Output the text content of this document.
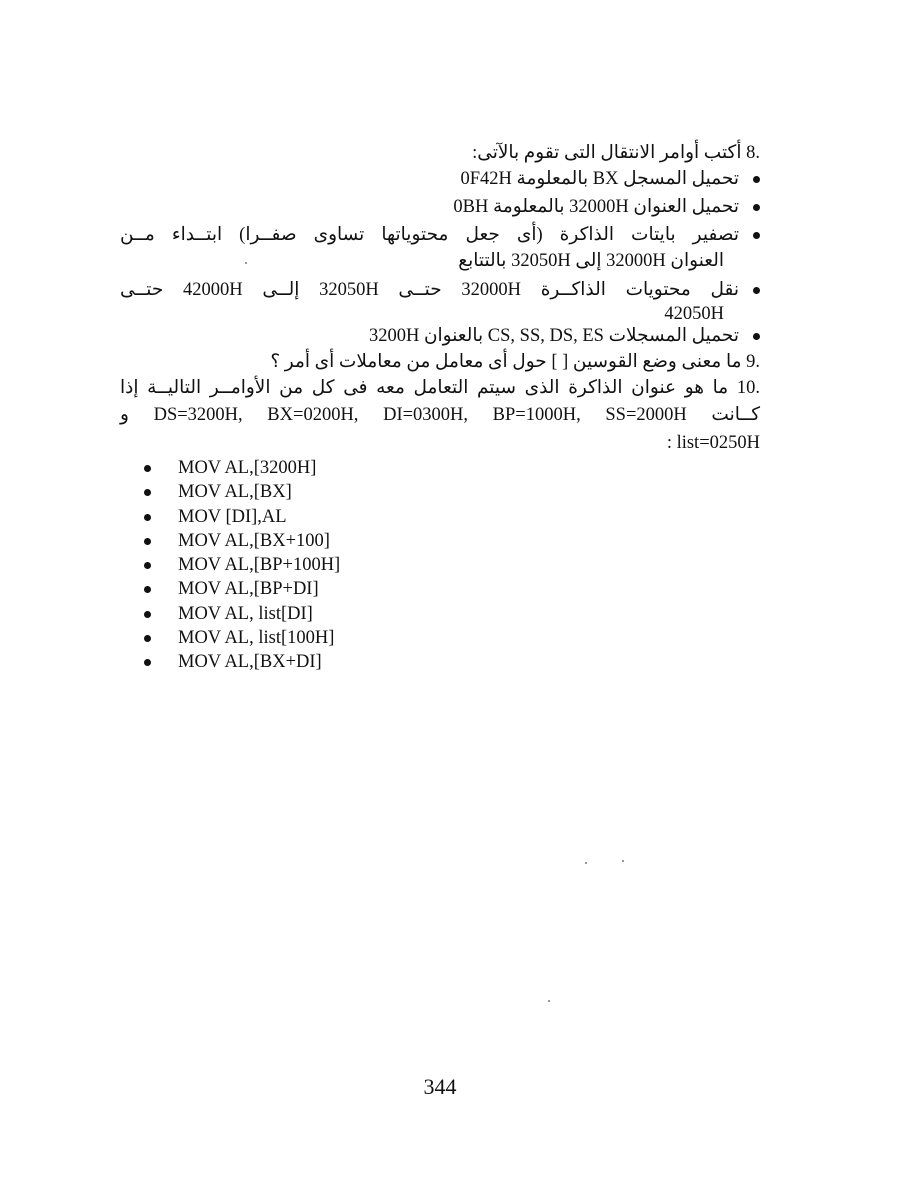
.8 أكتب أوامر الانتقال التى تقوم بالآتى:
تحميل المسجل BX بالمعلومة 0F42H
تحميل العنوان 32000H بالمعلومة 0BH
تصفير بايتات الذاكرة (أى جعل محتوياتها تساوى صفــرا) ابتــداء مــن
العنوان 32000H إلى 32050H بالتتابع
نقل محتويات الذاكــرة 32000H حتــى 32050H إلــى 42000H حتــى
42050H
تحميل المسجلات CS, SS, DS, ES بالعنوان 3200H
.9 ما معنى وضع القوسين [ ] حول أى معامل من معاملات أى أمر ؟
.10 ما هو عنوان الذاكرة الذى سيتم التعامل معه فى كل من الأوامــر التاليــة إذا
كــانت DS=3200H, BX=0200H, DI=0300H, BP=1000H, SS=2000H و
: list=0250H
MOV AL,[3200H]
MOV AL,[BX]
MOV [DI],AL
MOV AL,[BX+100]
MOV AL,[BP+100H]
MOV AL,[BP+DI]
MOV AL, list[DI]
MOV AL, list[100H]
MOV AL,[BX+DI]
344
